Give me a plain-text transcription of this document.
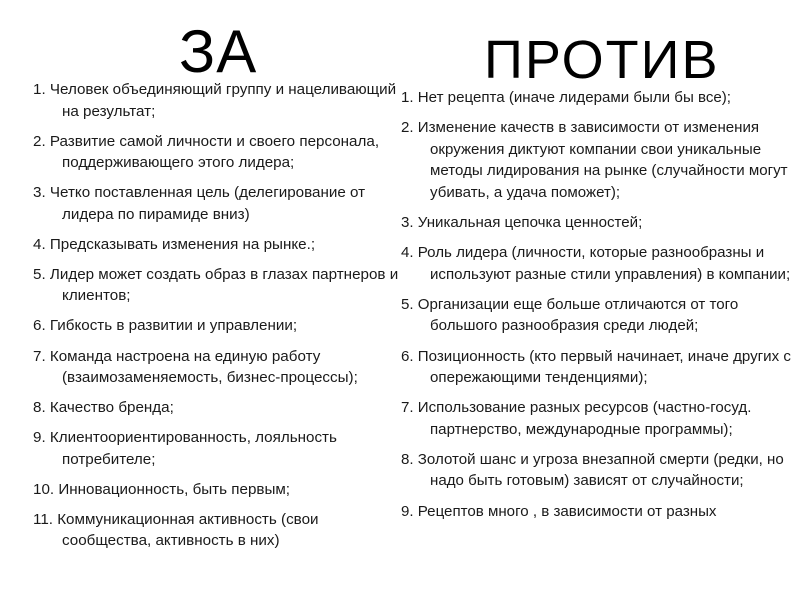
ЗА	ПРОТИВ
1. Человек объединяющий группу и нацеливающий на результат;
2. Развитие самой личности и своего персонала, поддерживающего этого лидера;
3. Четко поставленная цель (делегирование от лидера по пирамиде вниз)
4. Предсказывать изменения на рынке.;
5. Лидер может создать образ в глазах партнеров и клиентов;
6. Гибкость в развитии и управлении;
7. Команда настроена на единую работу (взаимозаменяемость, бизнес-процессы);
8. Качество бренда;
9. Клиентоориентированность, лояльность потребителе;
10. Инновационность, быть первым;
11. Коммуникационная активность (свои сообщества, активность в них)
1. Нет рецепта (иначе лидерами были бы все);
2. Изменение качеств в зависимости от изменения окружения диктуют компании свои уникальные методы лидирования на рынке (случайности могут убивать, а удача поможет);
3. Уникальная цепочка ценностей;
4. Роль лидера (личности, которые разнообразны и используют разные стили управления) в компании;
5. Организации еще больше отличаются от того большого разнообразия среди людей;
6. Позиционность (кто первый начинает, иначе других с опережающими тенденциями);
7. Использование разных ресурсов (частно-госуд. партнерство, международные программы);
8. Золотой шанс и угроза внезапной смерти (редки, но надо быть готовым) зависят от случайности;
9. Рецептов много , в зависимости от разных
